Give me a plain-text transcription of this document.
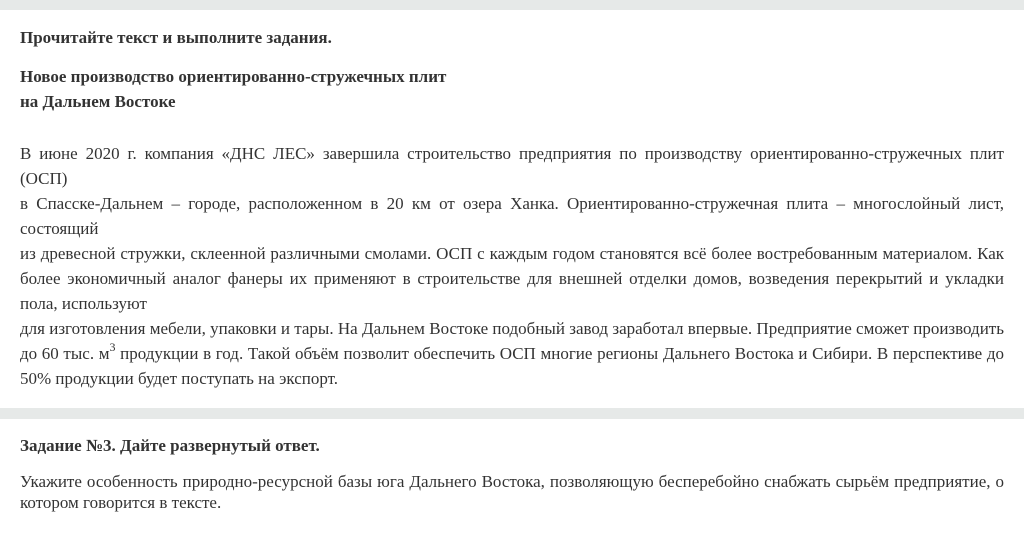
Прочитайте текст и выполните задания.

Новое производство ориентированно-стружечных плит
на Дальнем Востоке

В июне 2020 г. компания «ДНС ЛЕС» завершила строительство предприятия по производству ориентированно-стружечных плит (ОСП)

в Спасске-Дальнем – городе, расположенном в 20 км от озера Ханка. Ориентированно-стружечная плита – многослойный лист, состоящий

из древесной стружки, склеенной различными смолами. ОСП с каждым годом становятся всё более востребованным материалом. Как более экономичный аналог фанеры их применяют в строительстве для внешней отделки домов, возведения перекрытий и укладки пола, используют

для изготовления мебели, упаковки и тары. На Дальнем Востоке подобный завод заработал впервые. Предприятие сможет производить до 60 тыс. $м^3$ продукции в год. Такой объём позволит обеспечить ОСП многие регионы Дальнего Востока и Сибири. В перспективе до 50% продукции будет поступать на экспорт.

Задание №3. Дайте развернутый ответ.

Укажите особенность природно-ресурсной базы юга Дальнего Востока, позволяющую бесперебойно снабжать сырьём предприятие, о котором говорится в тексте.
